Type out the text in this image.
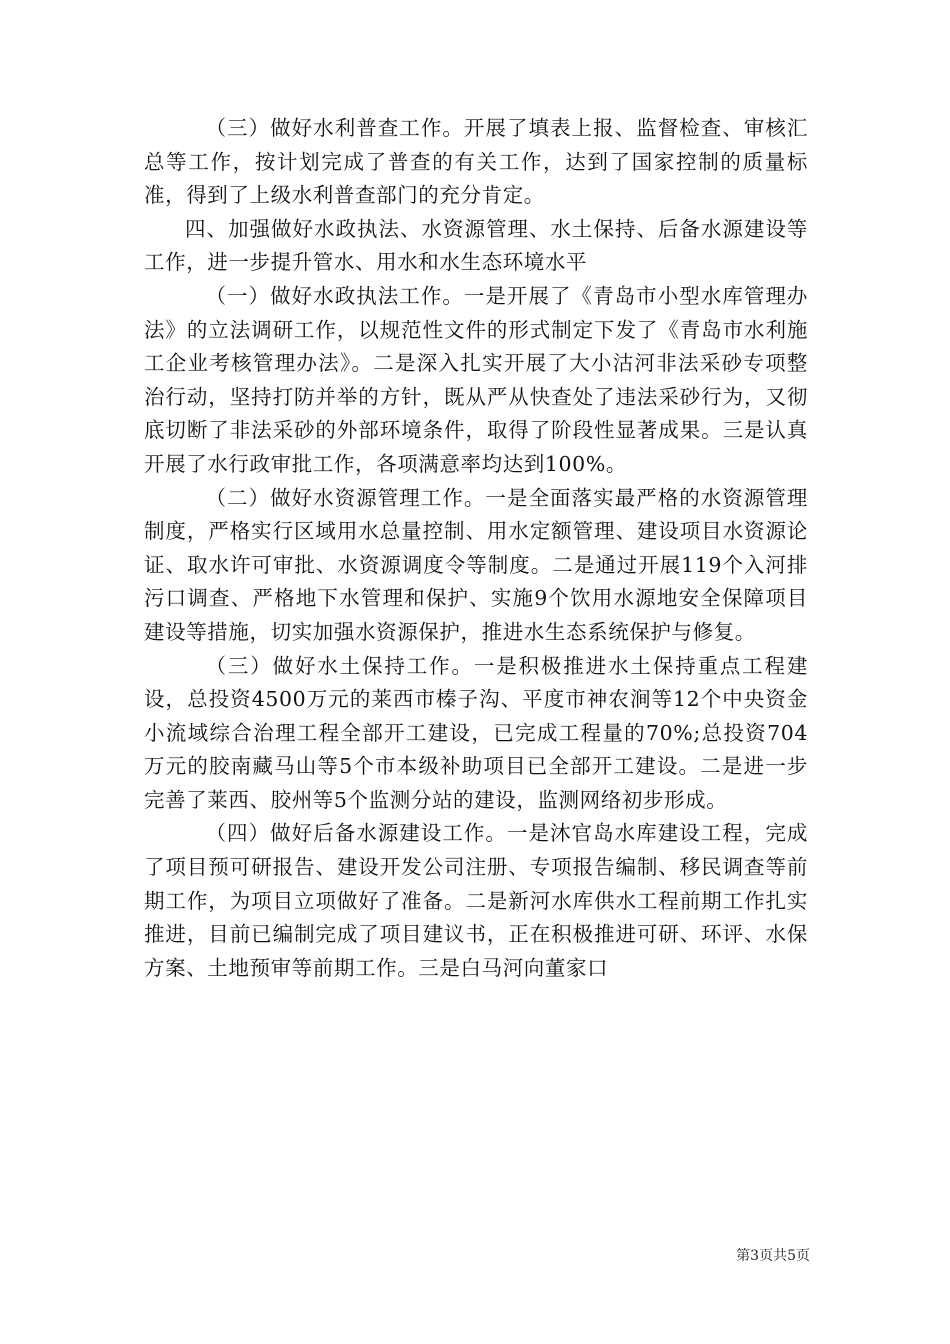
（三）做好水利普查工作。开展了填表上报、监督检查、审核汇总等工作，按计划完成了普查的有关工作，达到了国家控制的质量标准，得到了上级水利普查部门的充分肯定。

四、加强做好水政执法、水资源管理、水土保持、后备水源建设等工作，进一步提升管水、用水和水生态环境水平

（一）做好水政执法工作。一是开展了《青岛市小型水库管理办法》的立法调研工作，以规范性文件的形式制定下发了《青岛市水利施工企业考核管理办法》。二是深入扎实开展了大小沽河非法采砂专项整治行动，坚持打防并举的方针，既从严从快查处了违法采砂行为，又彻底切断了非法采砂的外部环境条件，取得了阶段性显著成果。三是认真开展了水行政审批工作，各项满意率均达到100%。

（二）做好水资源管理工作。一是全面落实最严格的水资源管理制度，严格实行区域用水总量控制、用水定额管理、建设项目水资源论证、取水许可审批、水资源调度令等制度。二是通过开展119个入河排污口调查、严格地下水管理和保护、实施9个饮用水源地安全保障项目建设等措施，切实加强水资源保护，推进水生态系统保护与修复。

（三）做好水土保持工作。一是积极推进水土保持重点工程建设，总投资4500万元的莱西市榛子沟、平度市神农涧等12个中央资金小流域综合治理工程全部开工建设，已完成工程量的70%;总投资704万元的胶南藏马山等5个市本级补助项目已全部开工建设。二是进一步完善了莱西、胶州等5个监测分站的建设，监测网络初步形成。

（四）做好后备水源建设工作。一是沐官岛水库建设工程，完成了项目预可研报告、建设开发公司注册、专项报告编制、移民调查等前期工作，为项目立项做好了准备。二是新河水库供水工程前期工作扎实推进，目前已编制完成了项目建议书，正在积极推进可研、环评、水保方案、土地预审等前期工作。三是白马河向董家口

第3页共5页
